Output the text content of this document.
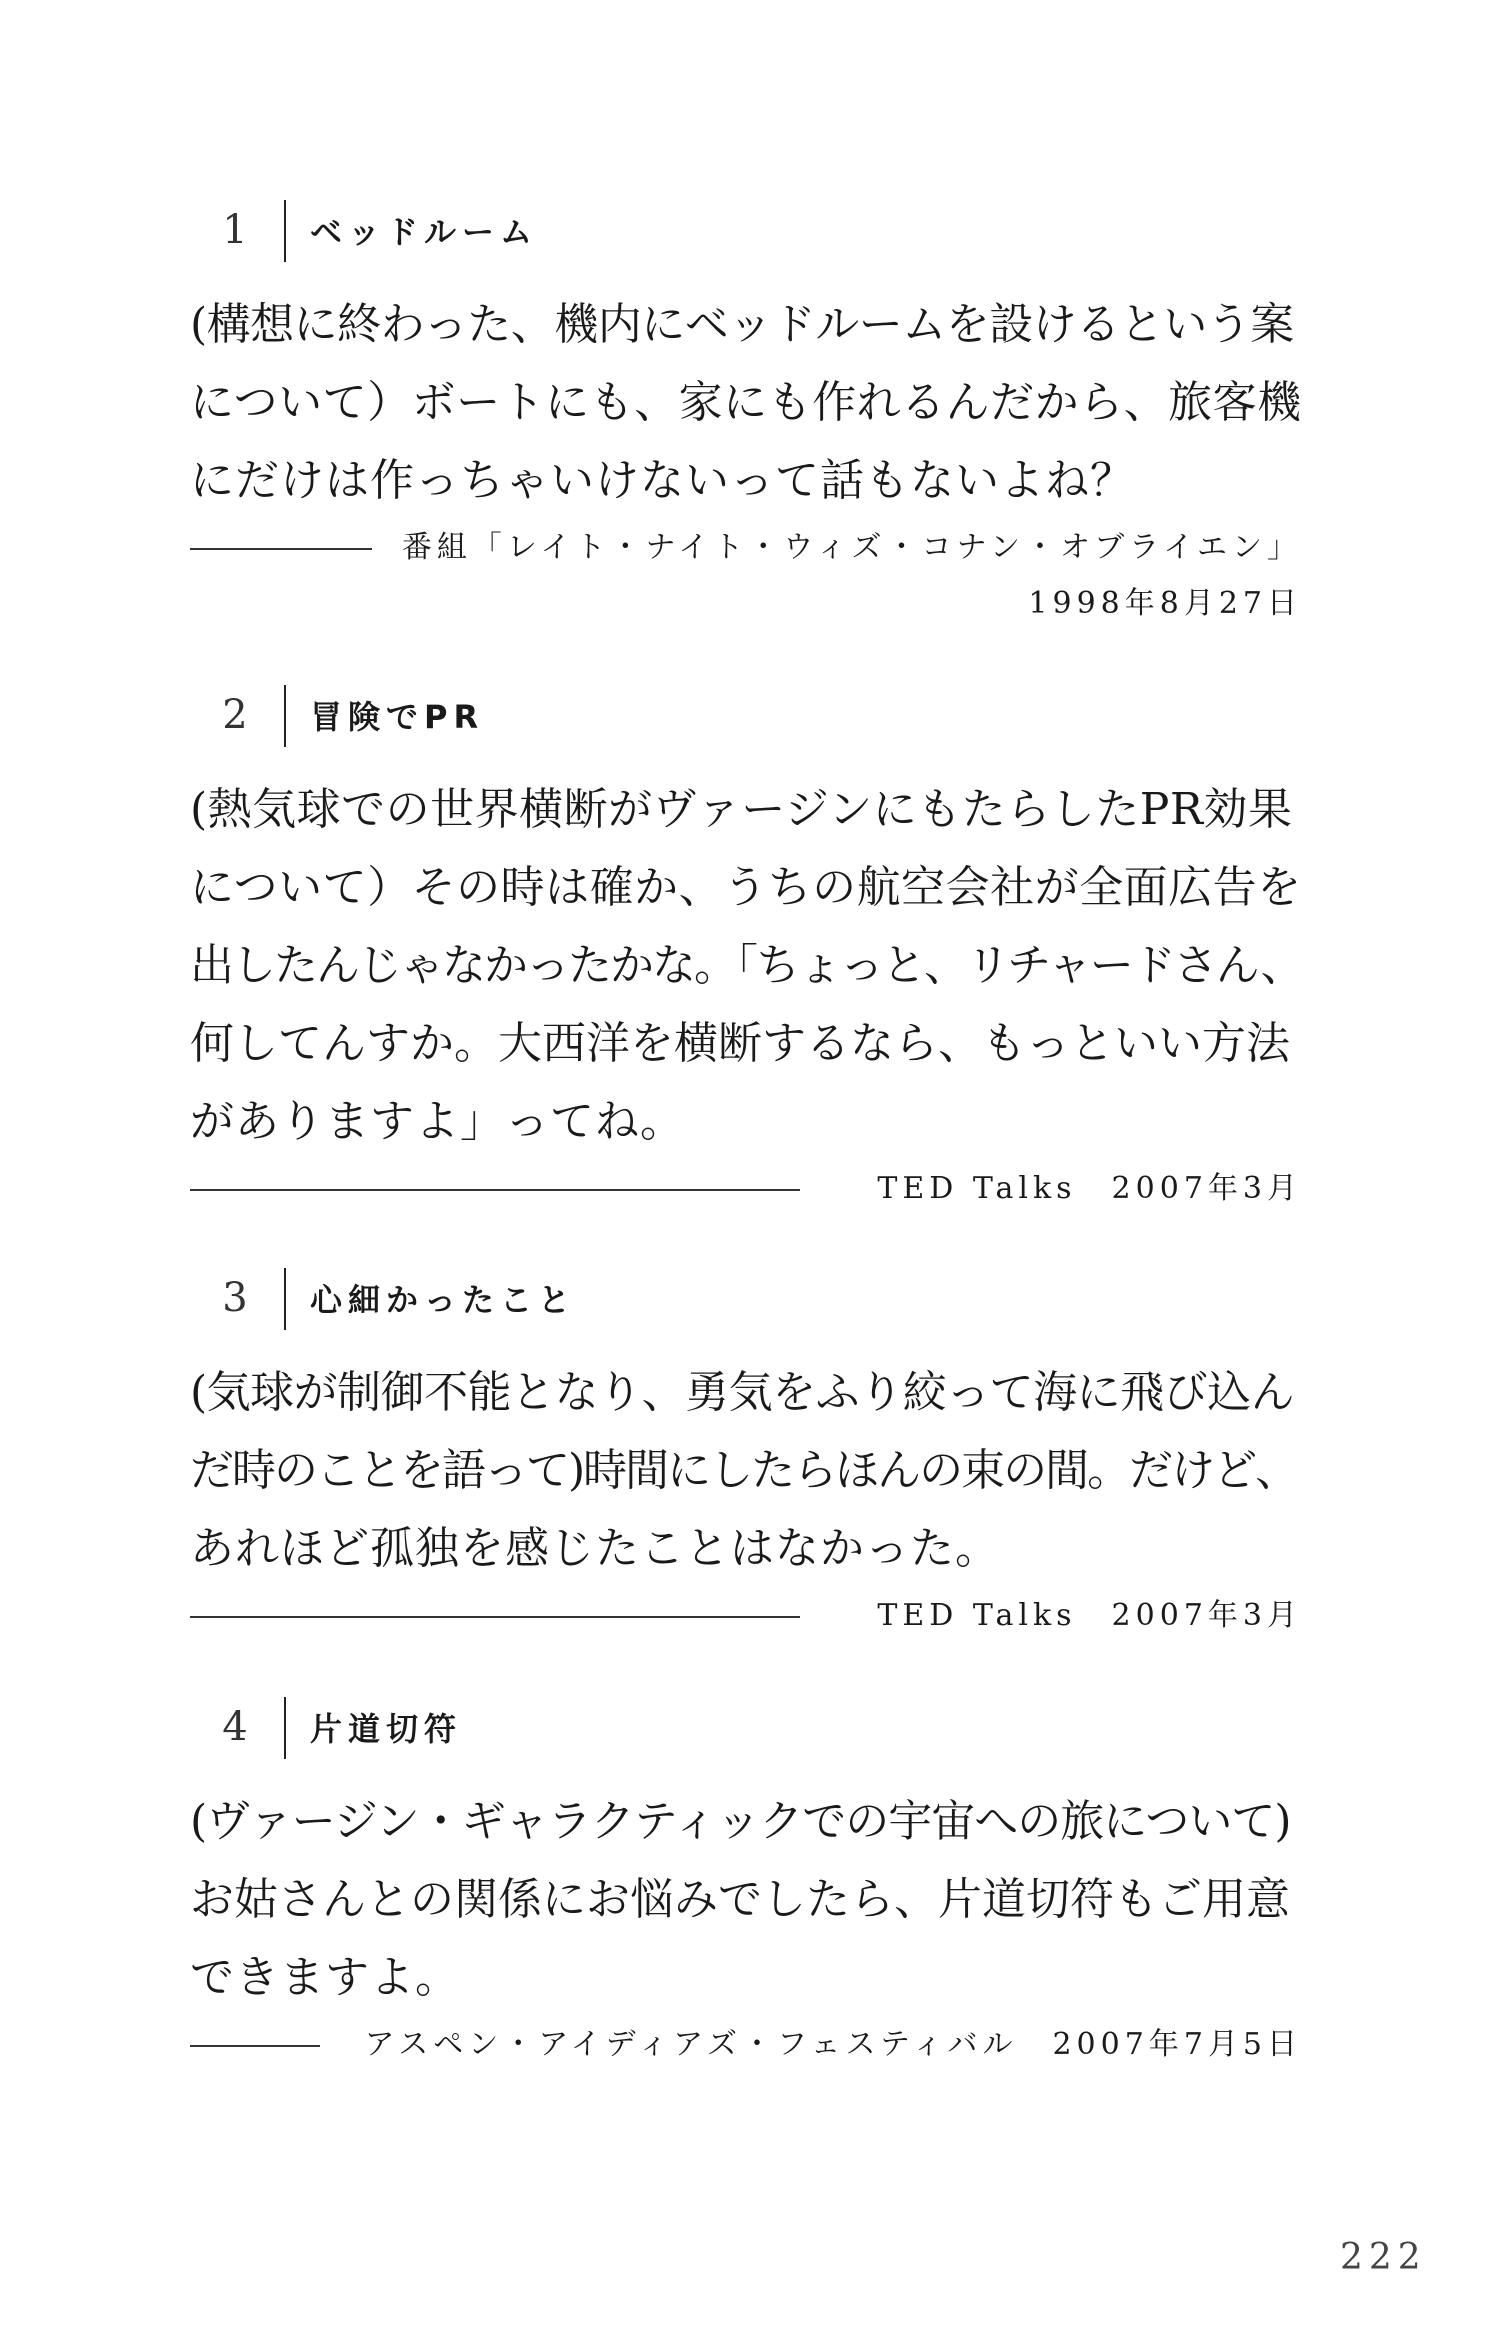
1	ベッドルーム
(構想に終わった、機内にベッドルームを設けるという案
について）ボートにも、家にも作れるんだから、旅客機
にだけは作っちゃいけないって話もないよね？
番組「レイト・ナイト・ウィズ・コナン・オブライエン」
1998年8月27日
2	冒険でPR
(熱気球での世界横断がヴァージンにもたらしたPR効果
について）その時は確か、うちの航空会社が全面広告を
出したんじゃなかったかな。「ちょっと、リチャードさん、
何してんすか。大西洋を横断するなら、もっといい方法
がありますよ」ってね。
TED Talks　2007年3月
3	心細かったこと
(気球が制御不能となり、勇気をふり絞って海に飛び込ん
だ時のことを語って)時間にしたらほんの束の間。だけど、
あれほど孤独を感じたことはなかった。
TED Talks　2007年3月
4	片道切符
(ヴァージン・ギャラクティックでの宇宙への旅について)
お姑さんとの関係にお悩みでしたら、片道切符もご用意
できますよ。
アスペン・アイディアズ・フェスティバル　2007年7月5日
222
